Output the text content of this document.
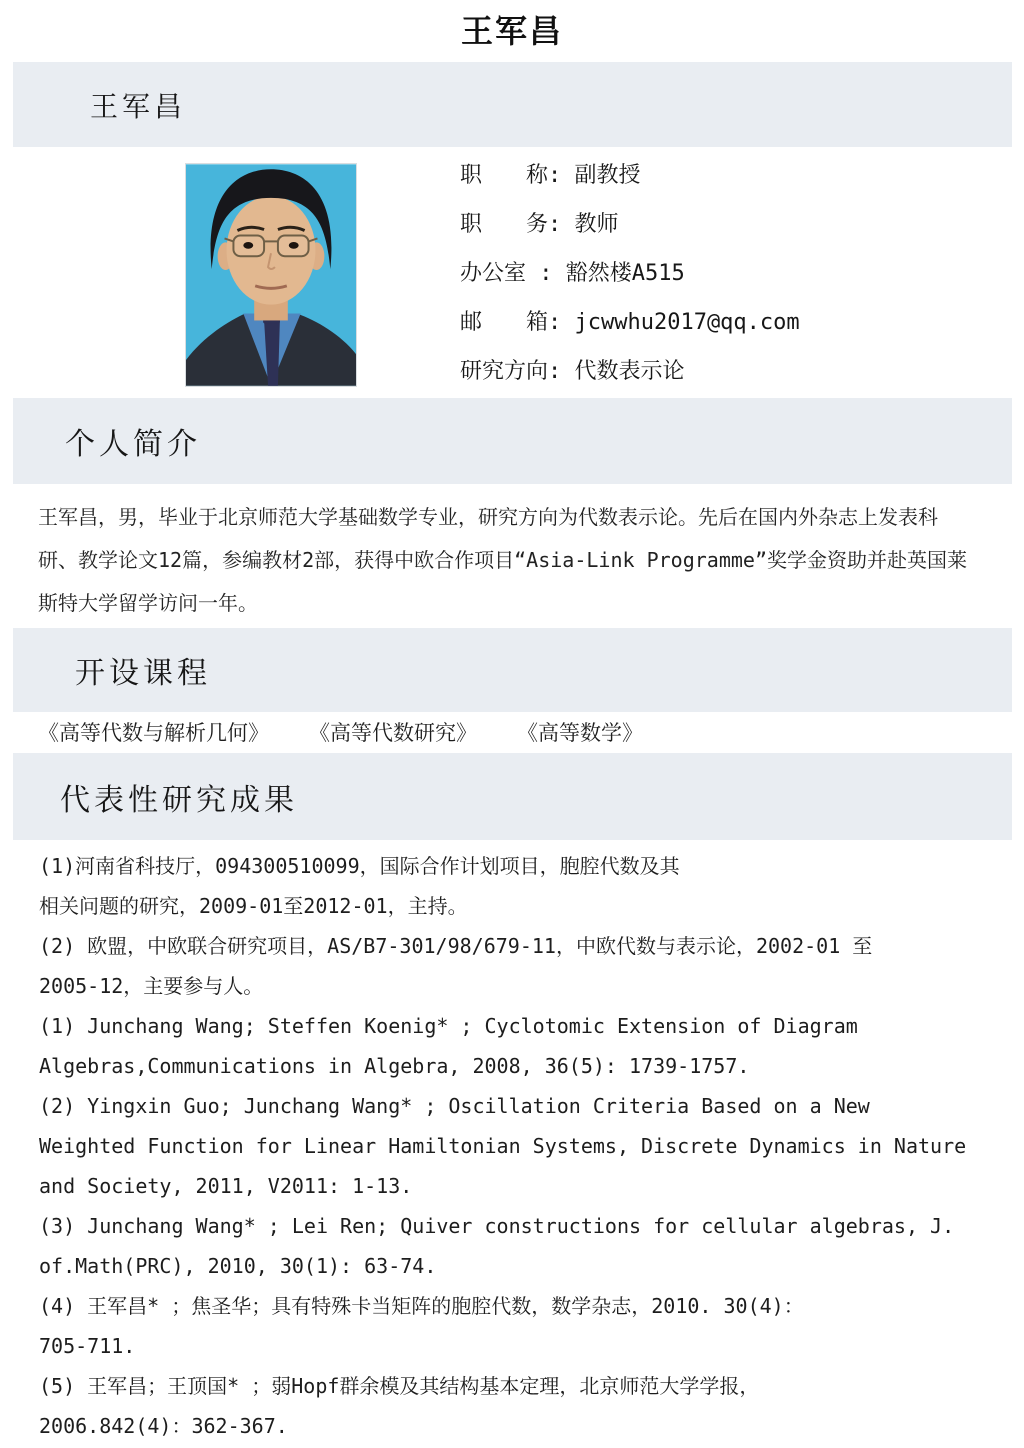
王军昌
王军昌
职　　称: 副教授
职　　务: 教师
办公室 : 豁然楼A515
邮　　箱: jcwwhu2017@qq.com
研究方向: 代数表示论
个人简介
王军昌，男，毕业于北京师范大学基础数学专业，研究方向为代数表示论。先后在国内外杂志上发表科
研、教学论文12篇，参编教材2部，获得中欧合作项目“Asia-Link Programme”奖学金资助并赴英国莱
斯特大学留学访问一年。
开设课程
《高等代数与解析几何》 《高等代数研究》 《高等数学》
代表性研究成果
(1)河南省科技厅，094300510099，国际合作计划项目，胞腔代数及其
相关问题的研究，2009-01至2012-01，主持。
(2) 欧盟，中欧联合研究项目，AS/B7-301/98/679-11，中欧代数与表示论，2002-01 至
2005-12，主要参与人。
(1) Junchang Wang; Steffen Koenig* ; Cyclotomic Extension of Diagram
Algebras,Communications in Algebra, 2008, 36(5): 1739-1757.
(2) Yingxin Guo; Junchang Wang* ; Oscillation Criteria Based on a New
Weighted Function for Linear Hamiltonian Systems, Discrete Dynamics in Nature
and Society, 2011, V2011: 1-13.
(3) Junchang Wang* ; Lei Ren; Quiver constructions for cellular algebras, J.
of.Math(PRC), 2010, 30(1): 63-74.
(4) 王军昌* ；焦圣华；具有特殊卡当矩阵的胞腔代数，数学杂志，2010. 30(4)：
705-711.
(5) 王军昌；王顶国* ；弱Hopf群余模及其结构基本定理，北京师范大学学报，
2006.842(4)：362-367.
